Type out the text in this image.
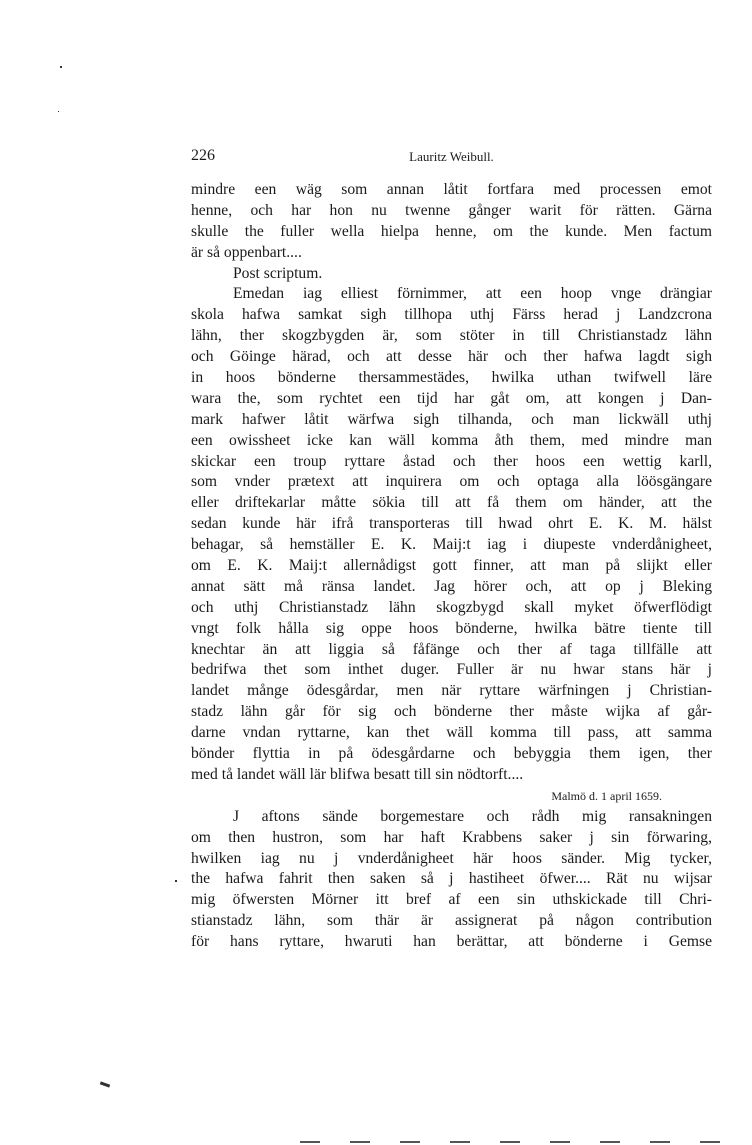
226	Lauritz Weibull.
mindre een wäg som annan låtit fortfara med processen emot
henne, och har hon nu twenne gånger warit för rätten. Gärna
skulle the fuller wella hielpa henne, om the kunde. Men factum
är så oppenbart....
Post scriptum.
Emedan iag elliest förnimmer, att een hoop vnge drängiar
skola hafwa samkat sigh tillhopa uthj Färss herad j Landzcrona
lähn, ther skogzbygden är, som stöter in till Christianstadz lähn
och Göinge härad, och att desse här och ther hafwa lagdt sigh
in hoos bönderne thersammestädes, hwilka uthan twifwell läre
wara the, som rychtet een tijd har gåt om, att kongen j Dan-
mark hafwer låtit wärfwa sigh tilhanda, och man lickwäll uthj
een owissheet icke kan wäll komma åth them, med mindre man
skickar een troup ryttare åstad och ther hoos een wettig karll,
som vnder prætext att inquirera om och optaga alla löösgängare
eller driftekarlar måtte sökia till att få them om händer, att the
sedan kunde här ifrå transporteras till hwad ohrt E. K. M. hälst
behagar, så hemställer E. K. Maij:t iag i diupeste vnderdånigheet,
om E. K. Maij:t allernådigst gott finner, att man på slijkt eller
annat sätt må ränsa landet. Jag hörer och, att op j Bleking
och uthj Christianstadz lähn skogzbygd skall myket öfwerflödigt
vngt folk hålla sig oppe hoos bönderne, hwilka bätre tiente till
knechtar än att liggia så fåfänge och ther af taga tillfälle att
bedrifwa thet som inthet duger. Fuller är nu hwar stans här j
landet månge ödesgårdar, men när ryttare wärfningen j Christian-
stadz lähn går för sig och bönderne ther måste wijka af går-
darne vndan ryttarne, kan thet wäll komma till pass, att samma
bönder flyttia in på ödesgårdarne och bebyggia them igen, ther
med tå landet wäll lär blifwa besatt till sin nödtorft....
Malmö d. 1 april 1659.
J aftons sände borgemestare och rådh mig ransakningen
om then hustron, som har haft Krabbens saker j sin förwaring,
hwilken iag nu j vnderdånigheet här hoos sänder. Mig tycker,
the hafwa fahrit then saken så j hastiheet öfwer.... Rät nu wijsar
mig öfwersten Mörner itt bref af een sin uthskickade till Chri-
stianstadz lähn, som thär är assignerat på någon contribution
för hans ryttare, hwaruti han berättar, att bönderne i Gemse
